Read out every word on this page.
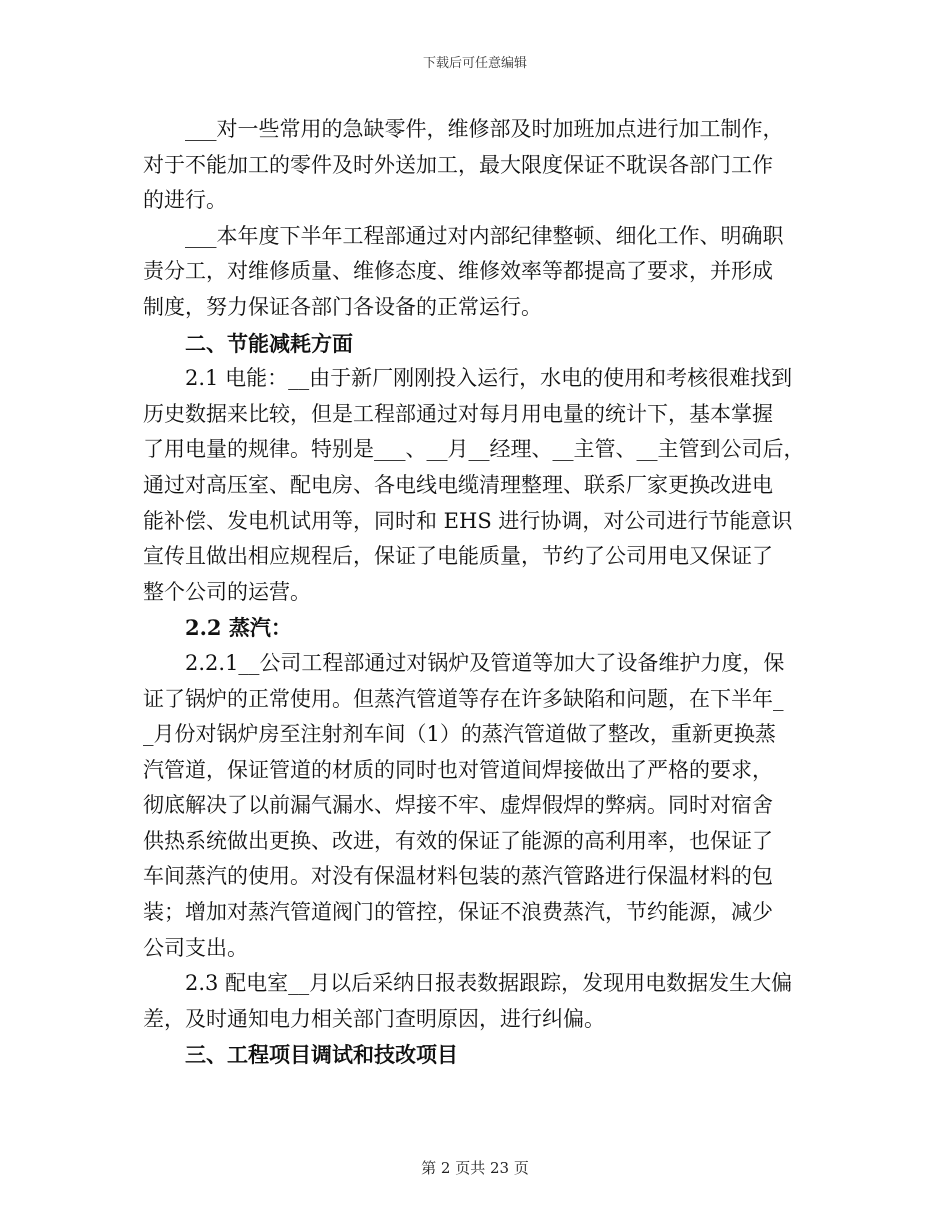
下载后可任意编辑
___对一些常用的急缺零件，维修部及时加班加点进行加工制作，
对于不能加工的零件及时外送加工，最大限度保证不耽误各部门工作
的进行。
___本年度下半年工程部通过对内部纪律整顿、细化工作、明确职
责分工，对维修质量、维修态度、维修效率等都提高了要求，并形成
制度，努力保证各部门各设备的正常运行。
二、节能减耗方面
2.1 电能：__由于新厂刚刚投入运行，水电的使用和考核很难找到
历史数据来比较，但是工程部通过对每月用电量的统计下，基本掌握
了用电量的规律。特别是___、__月__经理、__主管、__主管到公司后，
通过对高压室、配电房、各电线电缆清理整理、联系厂家更换改进电
能补偿、发电机试用等，同时和 EHS 进行协调，对公司进行节能意识
宣传且做出相应规程后，保证了电能质量，节约了公司用电又保证了
整个公司的运营。
2.2 蒸汽：
2.2.1__公司工程部通过对锅炉及管道等加大了设备维护力度，保
证了锅炉的正常使用。但蒸汽管道等存在许多缺陷和问题，在下半年_
_月份对锅炉房至注射剂车间（1）的蒸汽管道做了整改，重新更换蒸
汽管道，保证管道的材质的同时也对管道间焊接做出了严格的要求，
彻底解决了以前漏气漏水、焊接不牢、虚焊假焊的弊病。同时对宿舍
供热系统做出更换、改进，有效的保证了能源的高利用率，也保证了
车间蒸汽的使用。对没有保温材料包装的蒸汽管路进行保温材料的包
装；增加对蒸汽管道阀门的管控，保证不浪费蒸汽，节约能源，减少
公司支出。
2.3 配电室__月以后采纳日报表数据跟踪，发现用电数据发生大偏
差，及时通知电力相关部门查明原因，进行纠偏。
三、工程项目调试和技改项目
第 2 页共 23 页
